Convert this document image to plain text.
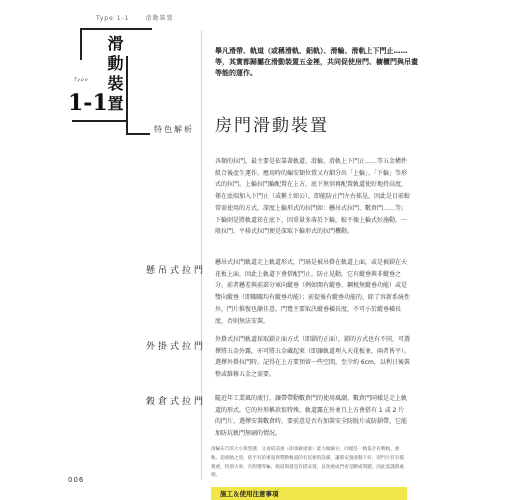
Type 1-1	滑動裝置
滑動裝置
Type
1-1
特色解析
舉凡滑帶、軌道（或稱滑軌、鋁軌）、滑輪、滑軌上下門止……等，其實都歸屬在滑動裝置五金裡，共同促使房門、櫥櫃門與吊畫等能的運作。
房門滑動裝置
各類的拉門，最主要是依靠著軌道、滑輪、滑軌上下門止……等五金構件組合後產生運作，應用時的編安類位置又有細分出「上輪」、「下輪」等形式的拉門。上輪拉門輪配置在上方，底下無須再配置軌道使好地持高度，僅在底端加入下門止（或稱土如公），即能防止門左右搖晃，因此是目前較常需使用的方式。深度上輪形式的拉門如：懸吊式拉門、數倉門……等；下輪則是將軌道崁在底下，因重量多落於下輪，較不像上輪式好施動，一般拉門、平移式拉門便是深取下輪形式的拉門機動。
懸吊式拉門
懸吊式拉門軌道走上軌道形式，門扇是被吊掛在軌道上面，或是被鎖在天花板上面，因此上軌道下會搭配門止，防止晃動。它有縱垂與非縱垂之分，前者懸差與前部分軍向縱垂（例如開有縱垂、鋼稅無縱垂功能）或是雙向縱垂（即關關均有縱垂功能）；前提後有縱垂功能的，除了容新系統性外，門片推復也漸佳意。門寬主要取決縱垂橫長度，不可小於縱垂橫長度，否則無法安裝。
外掛式拉門
外掛式拉門軌道採取鎖正面方式（即鎖的正面），鎖的方式也有不同，可選擇將五金外露，亦可將五金藏起來（即讓軌道埋入天花板並，兩者皆平）。選擇外掛拉門時，記得在上方要預留一些空間，至少約 6cm，以利日後裝整或維修五金之需要。
穀倉式拉門 隨近年工業風的流行，讓帶帶動數倉門的使用風潮，數倉門同樣是走上軌道的形式，它的外形稱款很特殊，軌道露在外並且上方會搭有 1 或 2 片的門片，選擇安裝數倉時，要前意是否有加裝安全防脫片或防鎖帶，它能加防坑軌門無刷的情況。
滑輪布吉的大小與型態，又再依前重（即承載重量）能力做細分，同樣是一軌依介有輕軌、重軌、超重軌之別，依至有的重量與帶動軌道的有沉密的設備，讓將安置滑動下好，即門片有有擋實重，特別大車，在附選等輪，軌道與就是有搭安裝，以免被成門看是斷或問題，因此需謹慎處理。
施工＆使用注意事項
006
